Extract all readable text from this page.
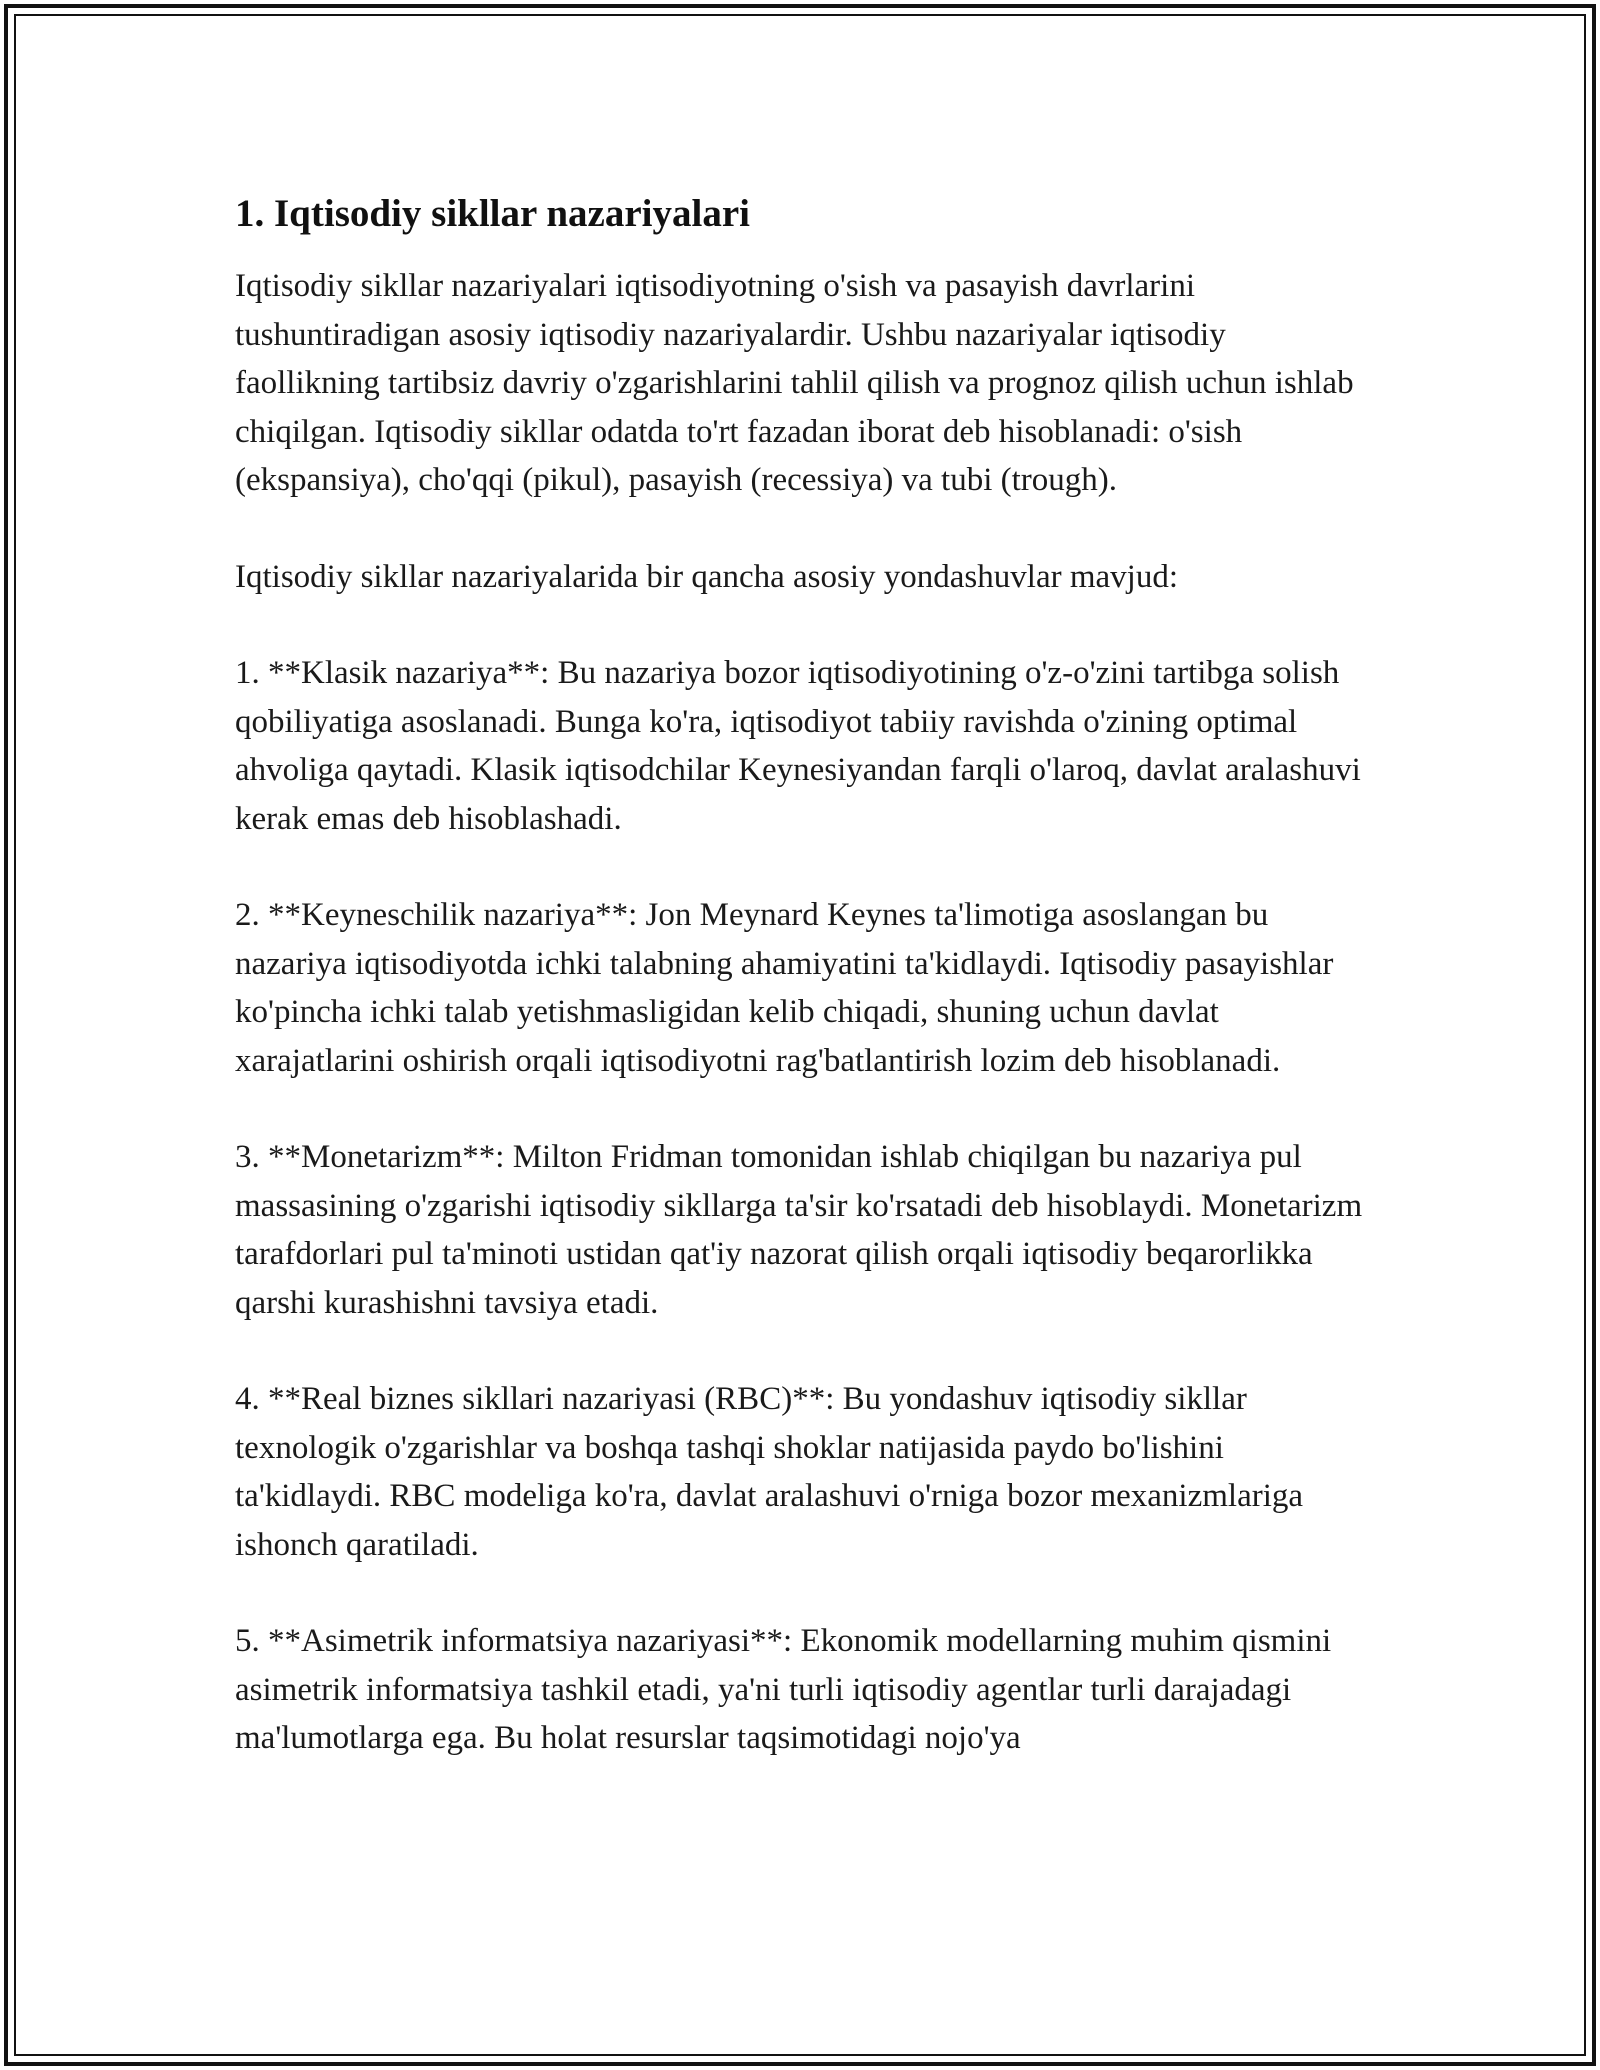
1. Iqtisodiy sikllar nazariyalari

Iqtisodiy sikllar nazariyalari iqtisodiyotning o'sish va pasayish davrlarini tushuntiradigan asosiy iqtisodiy nazariyalardir. Ushbu nazariyalar iqtisodiy faollikning tartibsiz davriy o'zgarishlarini tahlil qilish va prognoz qilish uchun ishlab chiqilgan. Iqtisodiy sikllar odatda to'rt fazadan iborat deb hisoblanadi: o'sish (ekspansiya), cho'qqi (pikul), pasayish (recessiya) va tubi (trough).

Iqtisodiy sikllar nazariyalarida bir qancha asosiy yondashuvlar mavjud:

1. **Klasik nazariya**: Bu nazariya bozor iqtisodiyotining o'z-o'zini tartibga solish qobiliyatiga asoslanadi. Bunga ko'ra, iqtisodiyot tabiiy ravishda o'zining optimal ahvoliga qaytadi. Klasik iqtisodchilar Keynesiyandan farqli o'laroq, davlat aralashuvi kerak emas deb hisoblashadi.

2. **Keyneschilik nazariya**: Jon Meynard Keynes ta'limotiga asoslangan bu nazariya iqtisodiyotda ichki talabning ahamiyatini ta'kidlaydi. Iqtisodiy pasayishlar ko'pincha ichki talab yetishmasligidan kelib chiqadi, shuning uchun davlat xarajatlarini oshirish orqali iqtisodiyotni rag'batlantirish lozim deb hisoblanadi.

3. **Monetarizm**: Milton Fridman tomonidan ishlab chiqilgan bu nazariya pul massasining o'zgarishi iqtisodiy sikllarga ta'sir ko'rsatadi deb hisoblaydi. Monetarizm tarafdorlari pul ta'minoti ustidan qat'iy nazorat qilish orqali iqtisodiy beqarorlikka qarshi kurashishni tavsiya etadi.

4. **Real biznes sikllari nazariyasi (RBC)**: Bu yondashuv iqtisodiy sikllar texnologik o'zgarishlar va boshqa tashqi shoklar natijasida paydo bo'lishini ta'kidlaydi. RBC modeliga ko'ra, davlat aralashuvi o'rniga bozor mexanizmlariga ishonch qaratiladi.

5. **Asimetrik informatsiya nazariyasi**: Ekonomik modellarning muhim qismini asimetrik informatsiya tashkil etadi, ya'ni turli iqtisodiy agentlar turli darajadagi ma'lumotlarga ega. Bu holat resurslar taqsimotidagi nojo'ya
